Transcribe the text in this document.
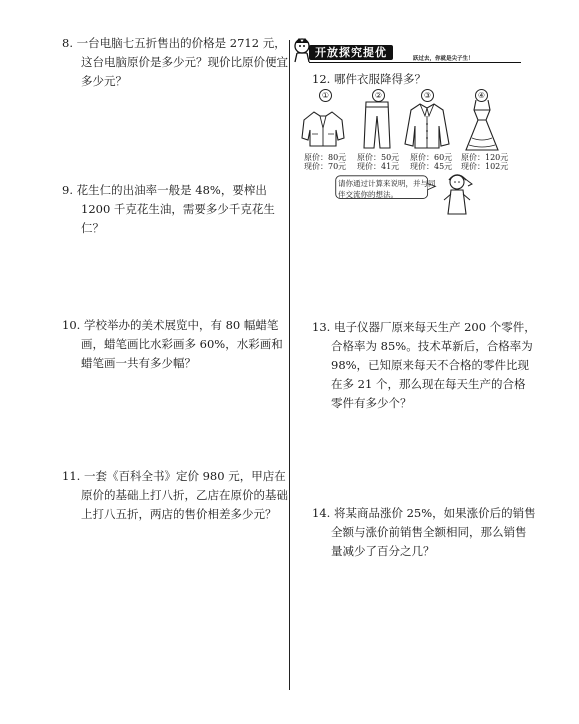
8. 一台电脑七五折售出的价格是 2712 元，这台电脑原价是多少元？现价比原价便宜多少元？
9. 花生仁的出油率一般是 48%，要榨出 1200 千克花生油，需要多少千克花生仁？
10. 学校举办的美术展览中，有 80 幅蜡笔画，蜡笔画比水彩画多 60%，水彩画和蜡笔画一共有多少幅？
11. 一套《百科全书》定价 980 元，甲店在原价的基础上打八折，乙店在原价的基础上打八五折，两店的售价相差多少元？
开放探究提优	跃过去，你就是尖子生！
12. 哪件衣服降得多？
①	②	③	④
原价：80元
现价：70元
原价：50元
现价：41元
原价：60元
现价：45元
原价：120元
现价：102元
请你通过计算来说明，并与同伴交流你的想法。
13. 电子仪器厂原来每天生产 200 个零件，合格率为 85%。技术革新后，合格率为 98%，已知原来每天不合格的零件比现在多 21 个，那么现在每天生产的合格零件有多少个？
14. 将某商品涨价 25%，如果涨价后的销售全额与涨价前销售全额相同，那么销售量减少了百分之几？
